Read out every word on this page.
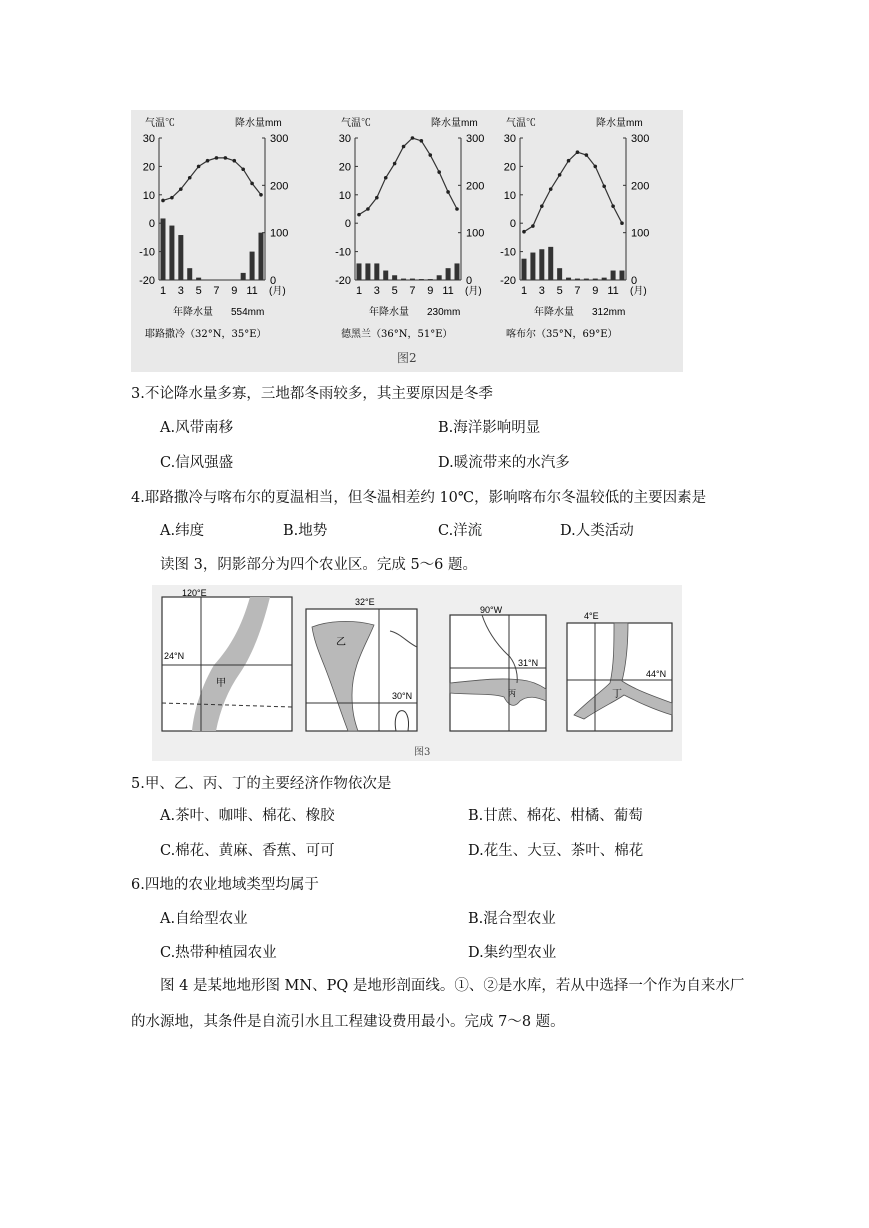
气温℃	降水量mm
30
20
10
0
-10
-20
300
200
100
0
1 3 5 7 9 11 (月)
年降水量 554mm
耶路撒冷（32°N，35°E）
气温℃	降水量mm
30
20
10
0
-10
-20
300
200
100
0
1 3 5 7 9 11 (月)
年降水量 230mm
德黑兰（36°N，51°E）
气温℃	降水量mm
30
20
10
0
-10
-20
300
200
100
0
1 3 5 7 9 11 (月)
年降水量 312mm
喀布尔（35°N，69°E）
图2
3.不论降水量多寡，三地都冬雨较多，其主要原因是冬季
A.风带南移	B.海洋影响明显
C.信风强盛	D.暖流带来的水汽多
4.耶路撒冷与喀布尔的夏温相当，但冬温相差约 10℃，影响喀布尔冬温较低的主要因素是
A.纬度	B.地势	C.洋流	D.人类活动
读图 3，阴影部分为四个农业区。完成 5～6 题。
120°E
24°N
甲
32°E
30°N
乙
90°W
31°N
丙
4°E
44°N
丁
图3
5.甲、乙、丙、丁的主要经济作物依次是
A.茶叶、咖啡、棉花、橡胶	B.甘蔗、棉花、柑橘、葡萄
C.棉花、黄麻、香蕉、可可	D.花生、大豆、茶叶、棉花
6.四地的农业地域类型均属于
A.自给型农业	B.混合型农业
C.热带种植园农业	D.集约型农业
图 4 是某地地形图 MN、PQ 是地形剖面线。①、②是水库，若从中选择一个作为自来水厂的水源地，其条件是自流引水且工程建设费用最小。完成 7～8 题。
